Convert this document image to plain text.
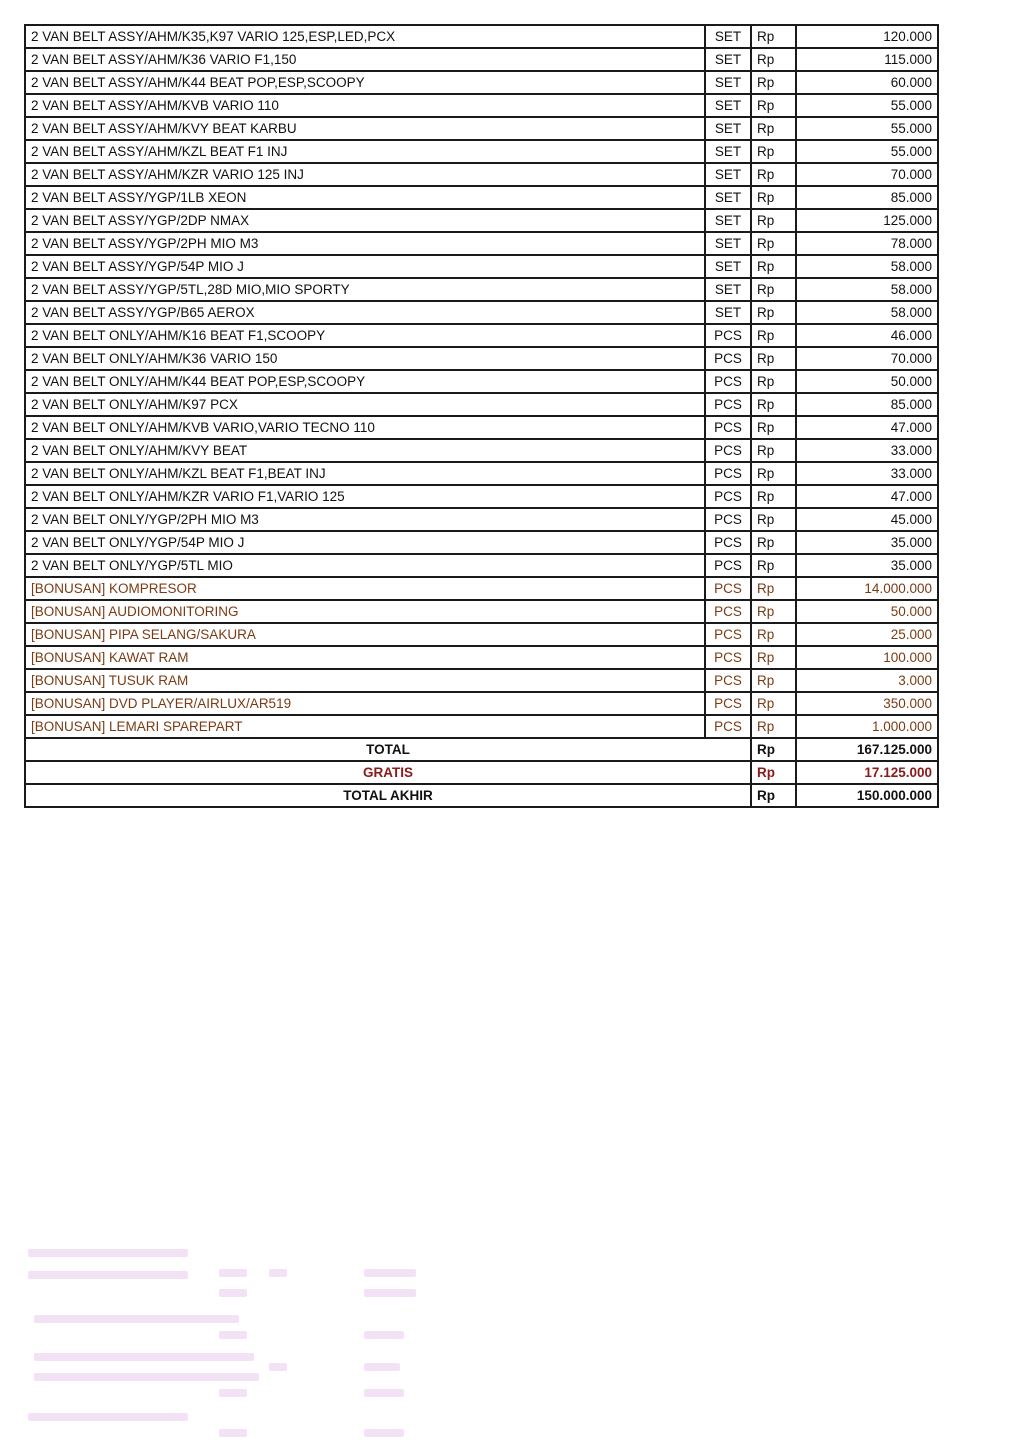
2 VAN BELT ASSY/AHM/K35,K97 VARIO 125,ESP,LED,PCX	SET	Rp	120.000
2 VAN BELT ASSY/AHM/K36 VARIO F1,150	SET	Rp	115.000
2 VAN BELT ASSY/AHM/K44 BEAT POP,ESP,SCOOPY	SET	Rp	60.000
2 VAN BELT ASSY/AHM/KVB VARIO 110	SET	Rp	55.000
2 VAN BELT ASSY/AHM/KVY BEAT KARBU	SET	Rp	55.000
2 VAN BELT ASSY/AHM/KZL BEAT F1 INJ	SET	Rp	55.000
2 VAN BELT ASSY/AHM/KZR VARIO 125 INJ	SET	Rp	70.000
2 VAN BELT ASSY/YGP/1LB XEON	SET	Rp	85.000
2 VAN BELT ASSY/YGP/2DP NMAX	SET	Rp	125.000
2 VAN BELT ASSY/YGP/2PH MIO M3	SET	Rp	78.000
2 VAN BELT ASSY/YGP/54P MIO J	SET	Rp	58.000
2 VAN BELT ASSY/YGP/5TL,28D MIO,MIO SPORTY	SET	Rp	58.000
2 VAN BELT ASSY/YGP/B65 AEROX	SET	Rp	58.000
2 VAN BELT ONLY/AHM/K16 BEAT F1,SCOOPY	PCS	Rp	46.000
2 VAN BELT ONLY/AHM/K36 VARIO 150	PCS	Rp	70.000
2 VAN BELT ONLY/AHM/K44 BEAT POP,ESP,SCOOPY	PCS	Rp	50.000
2 VAN BELT ONLY/AHM/K97 PCX	PCS	Rp	85.000
2 VAN BELT ONLY/AHM/KVB VARIO,VARIO TECNO 110	PCS	Rp	47.000
2 VAN BELT ONLY/AHM/KVY BEAT	PCS	Rp	33.000
2 VAN BELT ONLY/AHM/KZL BEAT F1,BEAT INJ	PCS	Rp	33.000
2 VAN BELT ONLY/AHM/KZR VARIO F1,VARIO 125	PCS	Rp	47.000
2 VAN BELT ONLY/YGP/2PH MIO M3	PCS	Rp	45.000
2 VAN BELT ONLY/YGP/54P MIO J	PCS	Rp	35.000
2 VAN BELT ONLY/YGP/5TL MIO	PCS	Rp	35.000
[BONUSAN] KOMPRESOR	PCS	Rp	14.000.000
[BONUSAN] AUDIOMONITORING	PCS	Rp	50.000
[BONUSAN] PIPA SELANG/SAKURA	PCS	Rp	25.000
[BONUSAN] KAWAT RAM	PCS	Rp	100.000
[BONUSAN] TUSUK RAM	PCS	Rp	3.000
[BONUSAN] DVD PLAYER/AIRLUX/AR519	PCS	Rp	350.000
[BONUSAN] LEMARI SPAREPART	PCS	Rp	1.000.000
TOTAL		Rp	167.125.000
GRATIS		Rp	17.125.000
TOTAL AKHIR		Rp	150.000.000
